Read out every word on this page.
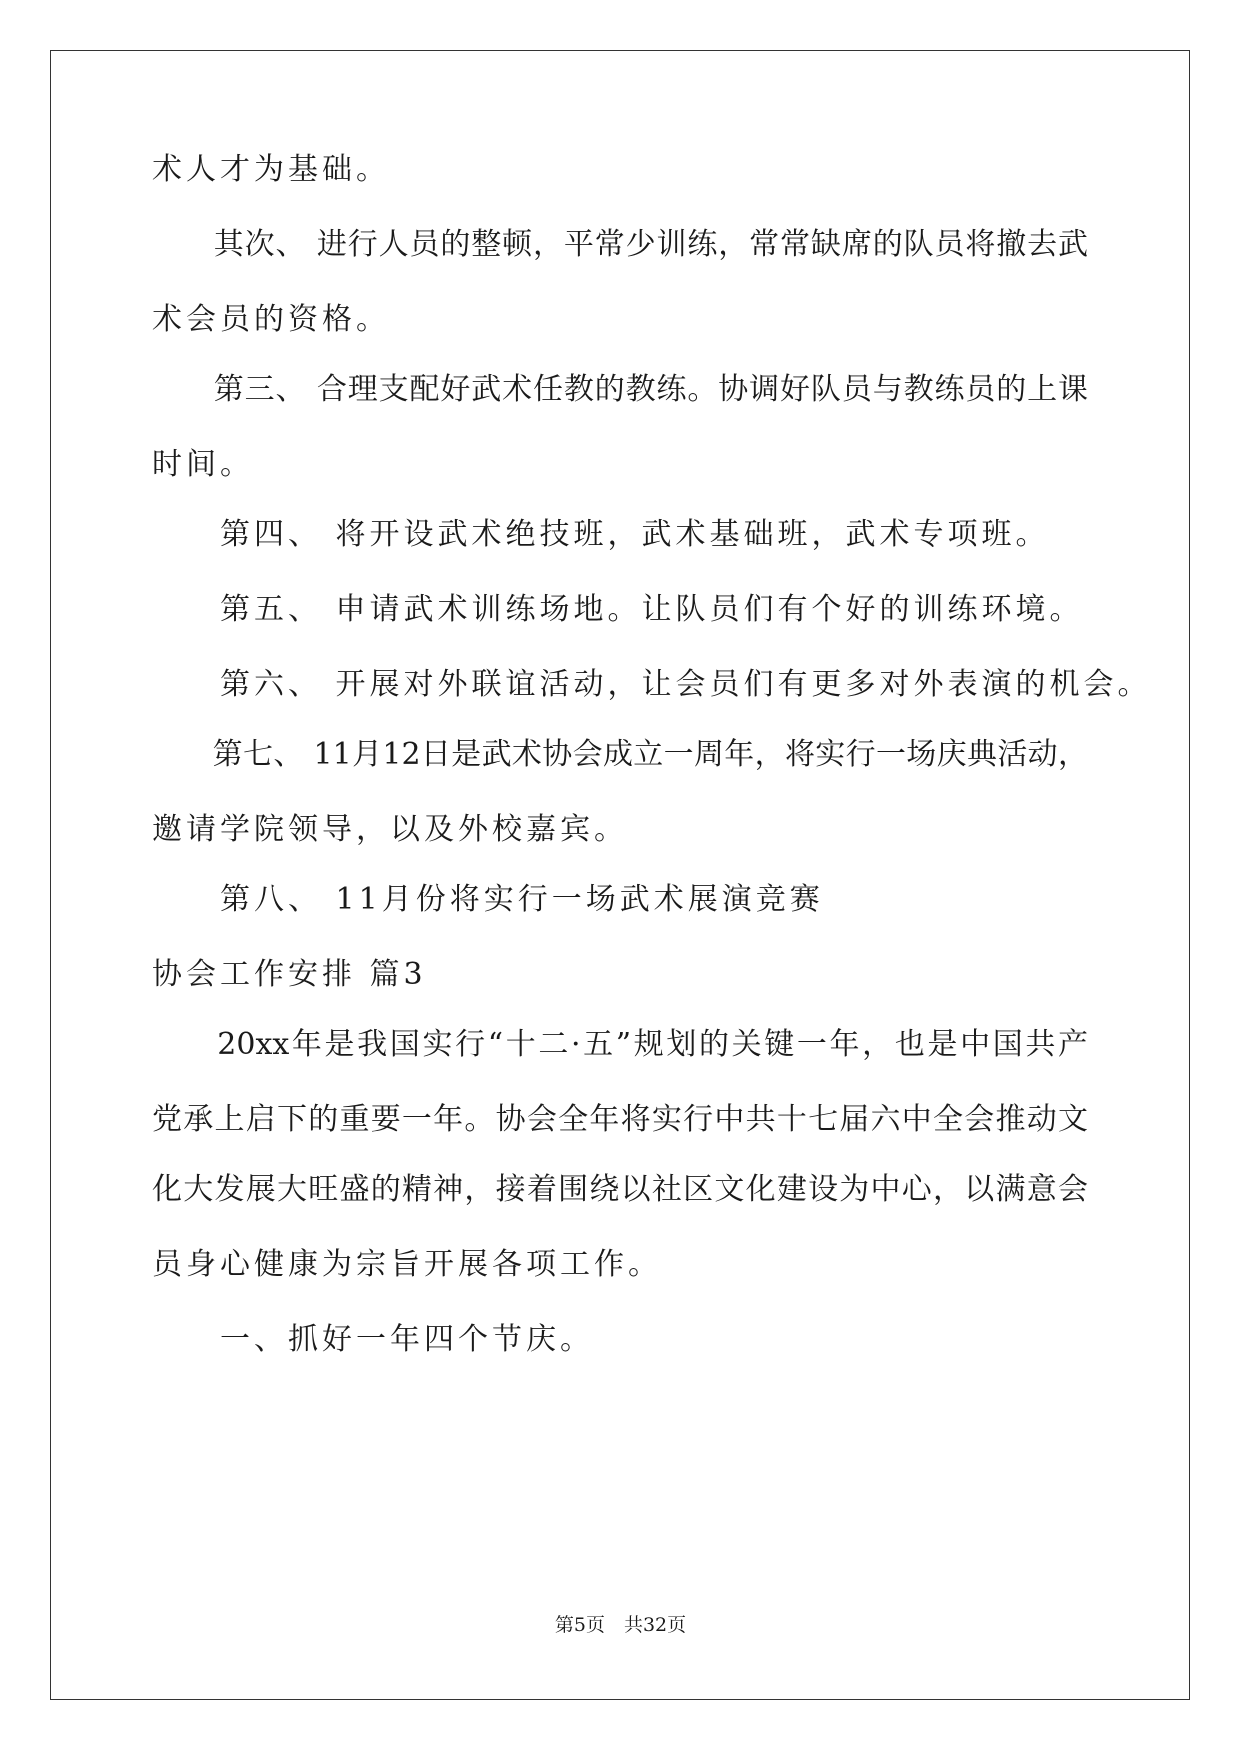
术人才为基础。
　　其次、 进行人员的整顿，平常少训练，常常缺席的队员将撤去武
术会员的资格。
　　第三、 合理支配好武术任教的教练。协调好队员与教练员的上课
时间。
　　第四、 将开设武术绝技班，武术基础班，武术专项班。
　　第五、 申请武术训练场地。让队员们有个好的训练环境。
　　第六、 开展对外联谊活动，让会员们有更多对外表演的机会。
　　第七、 11月12日是武术协会成立一周年，将实行一场庆典活动，
邀请学院领导，以及外校嘉宾。
　　第八、 11月份将实行一场武术展演竞赛
协会工作安排 篇3
　　20xx年是我国实行“十二·五”规划的关键一年，也是中国共产
党承上启下的重要一年。协会全年将实行中共十七届六中全会推动文
化大发展大旺盛的精神，接着围绕以社区文化建设为中心，以满意会
员身心健康为宗旨开展各项工作。
　　一、抓好一年四个节庆。
第5页　共32页
